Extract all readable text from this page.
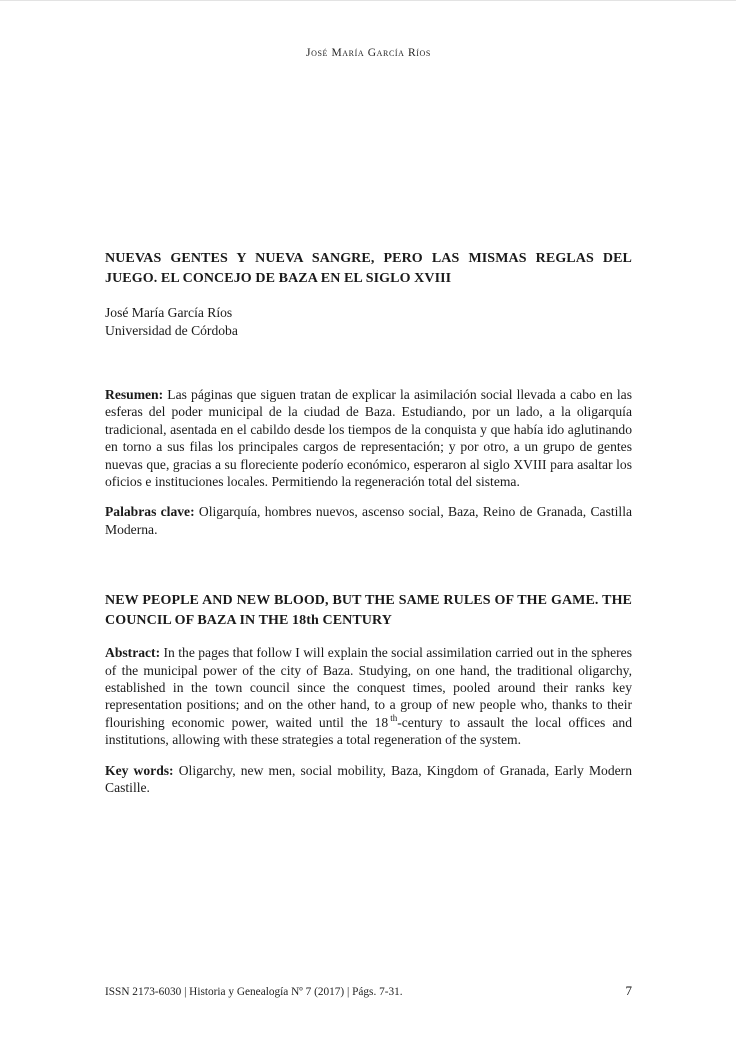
José María García Ríos
NUEVAS GENTES Y NUEVA SANGRE, PERO LAS MISMAS REGLAS DEL JUEGO. EL CONCEJO DE BAZA EN EL SIGLO XVIII
José María García Ríos
Universidad de Córdoba

Resumen: Las páginas que siguen tratan de explicar la asimilación social llevada a cabo en las esferas del poder municipal de la ciudad de Baza. Estudiando, por un lado, a la oligarquía tradicional, asentada en el cabildo desde los tiempos de la conquista y que había ido aglutinando en torno a sus filas los principales cargos de representación; y por otro, a un grupo de gentes nuevas que, gracias a su floreciente poderío económico, esperaron al siglo XVIII para asaltar los oficios e instituciones locales. Permitiendo la regeneración total del sistema.

Palabras clave: Oligarquía, hombres nuevos, ascenso social, Baza, Reino de Granada, Castilla Moderna.

NEW PEOPLE AND NEW BLOOD, BUT THE SAME RULES OF THE GAME. THE COUNCIL OF BAZA IN THE 18th CENTURY

Abstract: In the pages that follow I will explain the social assimilation carried out in the spheres of the municipal power of the city of Baza. Studying, on one hand, the traditional oligarchy, established in the town council since the conquest times, pooled around their ranks key representation positions; and on the other hand, to a group of new people who, thanks to their flourishing economic power, waited until the 18 $^{th}$-century to assault the local offices and institutions, allowing with these strategies a total regeneration of the system.

Key words: Oligarchy, new men, social mobility, Baza, Kingdom of Granada, Early Modern Castille.

ISSN 2173-6030 | Historia y Genealogía Nº 7 (2017) | Págs. 7-31.	7
